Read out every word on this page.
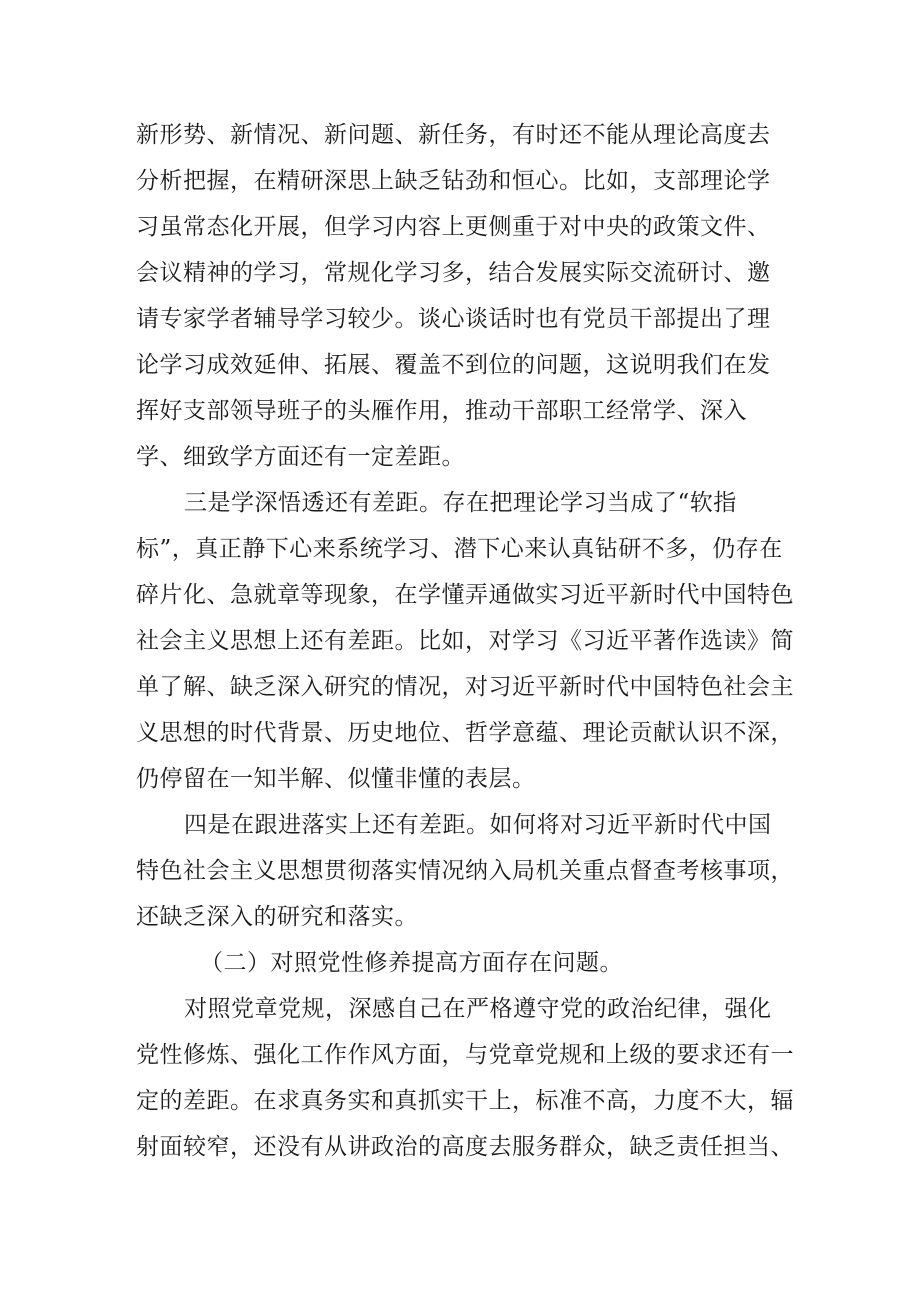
新形势、新情况、新问题、新任务，有时还不能从理论高度去
分析把握，在精研深思上缺乏钻劲和恒心。比如，支部理论学
习虽常态化开展，但学习内容上更侧重于对中央的政策文件、
会议精神的学习，常规化学习多，结合发展实际交流研讨、邀
请专家学者辅导学习较少。谈心谈话时也有党员干部提出了理
论学习成效延伸、拓展、覆盖不到位的问题，这说明我们在发
挥好支部领导班子的头雁作用，推动干部职工经常学、深入
学、细致学方面还有一定差距。
三是学深悟透还有差距。存在把理论学习当成了“软指
标”，真正静下心来系统学习、潜下心来认真钻研不多，仍存在
碎片化、急就章等现象，在学懂弄通做实习近平新时代中国特色
社会主义思想上还有差距。比如，对学习《习近平著作选读》简
单了解、缺乏深入研究的情况，对习近平新时代中国特色社会主
义思想的时代背景、历史地位、哲学意蕴、理论贡献认识不深，
仍停留在一知半解、似懂非懂的表层。
四是在跟进落实上还有差距。如何将对习近平新时代中国
特色社会主义思想贯彻落实情况纳入局机关重点督查考核事项，
还缺乏深入的研究和落实。
（二）对照党性修养提高方面存在问题。
对照党章党规，深感自己在严格遵守党的政治纪律，强化
党性修炼、强化工作作风方面，与党章党规和上级的要求还有一
定的差距。在求真务实和真抓实干上，标准不高，力度不大，辐
射面较窄，还没有从讲政治的高度去服务群众，缺乏责任担当、
